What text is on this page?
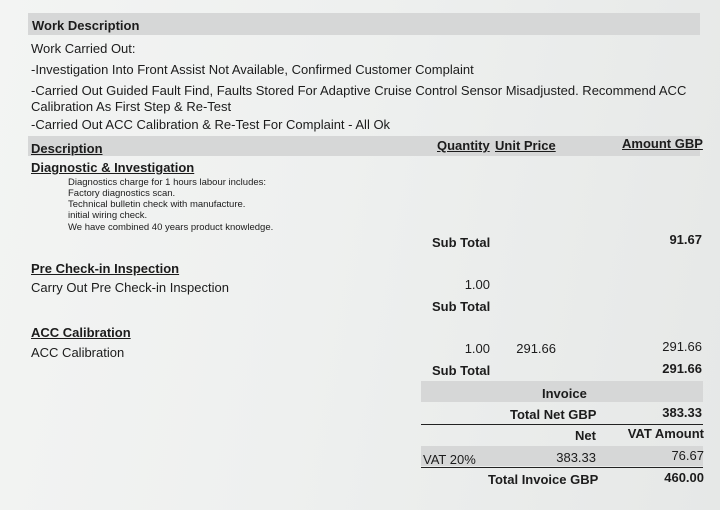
Work Description
Work Carried Out:
-Investigation Into Front Assist Not Available, Confirmed Customer Complaint
-Carried Out Guided Fault Find, Faults Stored For Adaptive Cruise Control Sensor Misadjusted. Recommend ACC
Calibration As First Step & Re-Test
-Carried Out ACC Calibration & Re-Test For Complaint - All Ok
Description	Quantity Unit Price	Amount GBP
Diagnostic & Investigation
Diagnostics charge for 1 hours labour includes:
Factory diagnostics scan.
Technical bulletin check with manufacture.
initial wiring check.
We have combined 40 years product knowledge.
Sub Total	91.67
Pre Check-in Inspection
Carry Out Pre Check-in Inspection	1.00
Sub Total
ACC Calibration
ACC Calibration	1.00	291.66	291.66
Sub Total	291.66
Invoice
Total Net GBP	383.33
Net	VAT Amount
VAT 20%	383.33	76.67
Total Invoice GBP	460.00
